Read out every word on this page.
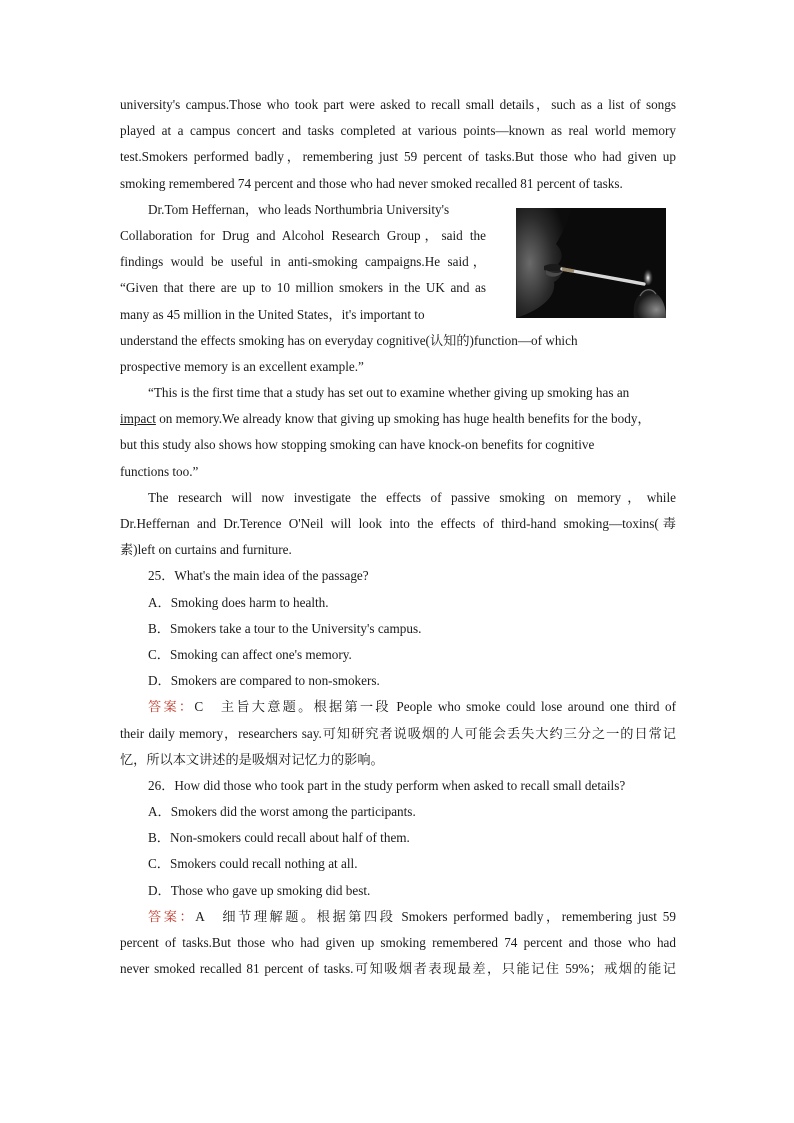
university's campus.Those who took part were asked to recall small details，such as a list of songs
played at a campus concert and tasks completed at various points—known as real world memory
test.Smokers performed badly，remembering just 59 percent of tasks.But those who had given up
smoking remembered 74 percent and those who had never smoked recalled 81 percent of tasks.
Dr.Tom Heffernan，who leads Northumbria University's
Collaboration for Drug and Alcohol Research Group，said the
findings would be useful in anti-smoking campaigns.He said，
“Given that there are up to 10 million smokers in the UK and as
many as 45 million in the United States，it's important to
understand the effects smoking has on everyday cognitive(认知的)function—of which
prospective memory is an excellent example.”
“This is the first time that a study has set out to examine whether giving up smoking has an
impact on memory.We already know that giving up smoking has huge health benefits for the body，
but this study also shows how stopping smoking can have knock-on benefits for cognitive
functions too.”
The research will now investigate the effects of passive smoking on memory，while
Dr.Heffernan and Dr.Terence O'Neil will look into the effects of third-hand smoking—toxins(毒
素)left on curtains and furniture.
25．What's the main idea of the passage?
A．Smoking does harm to health.
B．Smokers take a tour to the University's campus.
C．Smoking can affect one's memory.
D．Smokers are compared to non-smokers.
答案：C　主旨大意题。根据第一段 People who smoke could lose around one third of
their daily memory，researchers say.可知研究者说吸烟的人可能会丢失大约三分之一的日常记
忆，所以本文讲述的是吸烟对记忆力的影响。
26．How did those who took part in the study perform when asked to recall small details?
A．Smokers did the worst among the participants.
B．Non-smokers could recall about half of them.
C．Smokers could recall nothing at all.
D．Those who gave up smoking did best.
答案：A　细节理解题。根据第四段 Smokers performed badly，remembering just 59
percent of tasks.But those who had given up smoking remembered 74 percent and those who had
never smoked recalled 81 percent of tasks.可知吸烟者表现最差，只能记住 59%；戒烟的能记
